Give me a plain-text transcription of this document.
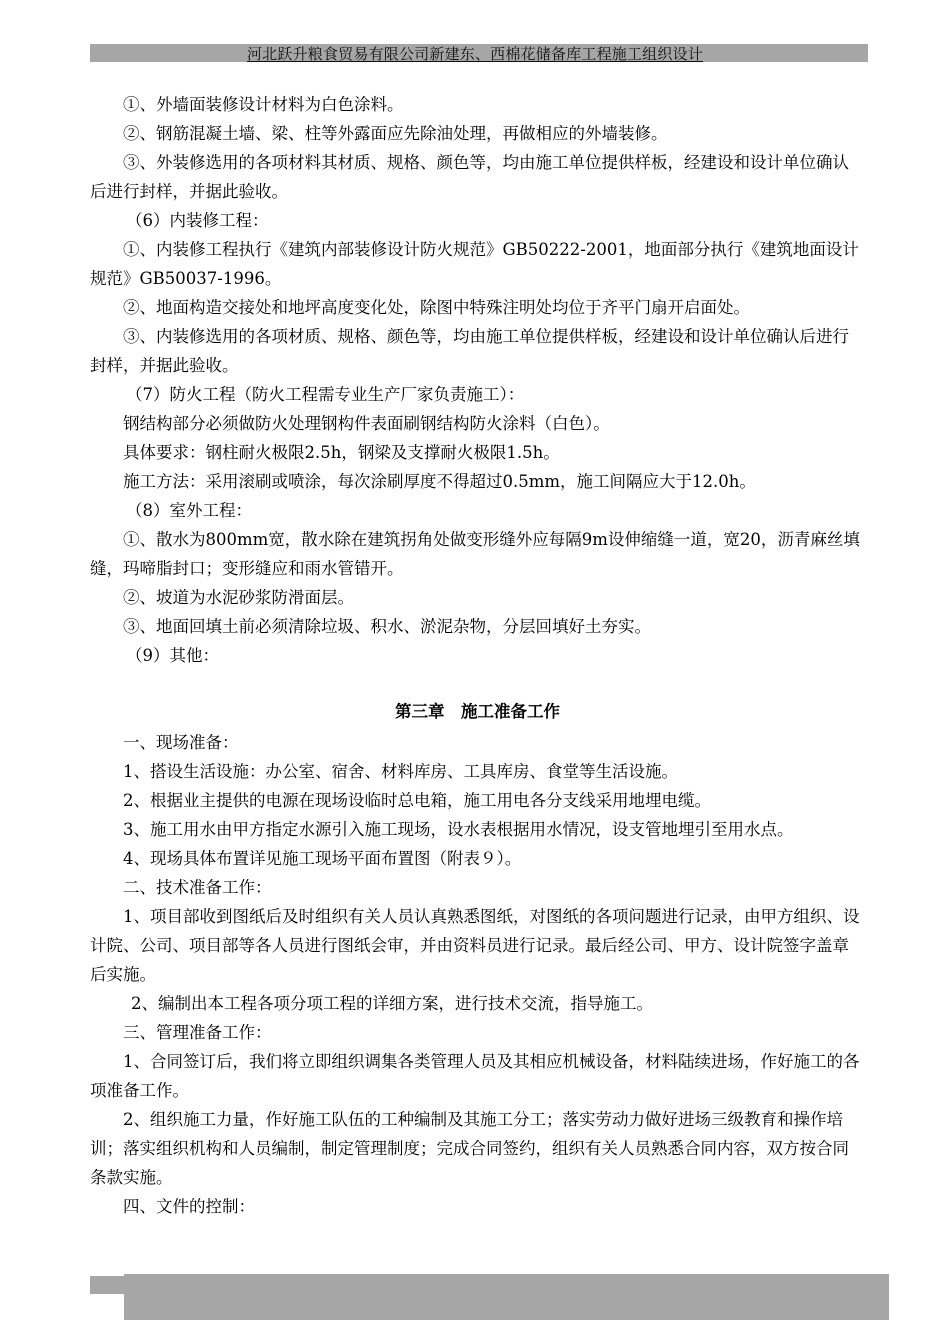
河北跃升粮食贸易有限公司新建东、西棉花储备库工程施工组织设计

①、外墙面装修设计材料为白色涂料。

②、钢筋混凝土墙、梁、柱等外露面应先除油处理，再做相应的外墙装修。

③、外装修选用的各项材料其材质、规格、颜色等，均由施工单位提供样板，经建设和设计单位确认后进行封样，并据此验收。

（6）内装修工程：

①、内装修工程执行《建筑内部装修设计防火规范》GB50222-2001，地面部分执行《建筑地面设计规范》GB50037-1996。

②、地面构造交接处和地坪高度变化处，除图中特殊注明处均位于齐平门扇开启面处。

③、内装修选用的各项材质、规格、颜色等，均由施工单位提供样板，经建设和设计单位确认后进行封样，并据此验收。

（7）防火工程（防火工程需专业生产厂家负责施工）：

钢结构部分必须做防火处理钢构件表面刷钢结构防火涂料（白色）。

具体要求：钢柱耐火极限2.5h，钢梁及支撑耐火极限1.5h。

施工方法：采用滚刷或喷涂，每次涂刷厚度不得超过0.5mm，施工间隔应大于12.0h。

（8）室外工程：

①、散水为800mm宽，散水除在建筑拐角处做变形缝外应每隔9m设伸缩缝一道，宽20，沥青麻丝填缝，玛啼脂封口；变形缝应和雨水管错开。

②、坡道为水泥砂浆防滑面层。

③、地面回填土前必须清除垃圾、积水、淤泥杂物，分层回填好土夯实。

（9）其他：

第三章　施工准备工作

一、现场准备：

1、搭设生活设施：办公室、宿舍、材料库房、工具库房、食堂等生活设施。

2、根据业主提供的电源在现场设临时总电箱，施工用电各分支线采用地埋电缆。

3、施工用水由甲方指定水源引入施工现场，设水表根据用水情况，设支管地埋引至用水点。

4、现场具体布置详见施工现场平面布置图（附表９）。

二、技术准备工作：

1、项目部收到图纸后及时组织有关人员认真熟悉图纸，对图纸的各项问题进行记录，由甲方组织、设计院、公司、项目部等各人员进行图纸会审，并由资料员进行记录。最后经公司、甲方、设计院签字盖章后实施。

2、编制出本工程各项分项工程的详细方案，进行技术交流，指导施工。

三、管理准备工作：

1、合同签订后，我们将立即组织调集各类管理人员及其相应机械设备，材料陆续进场，作好施工的各项准备工作。

2、组织施工力量，作好施工队伍的工种编制及其施工分工；落实劳动力做好进场三级教育和操作培训；落实组织机构和人员编制，制定管理制度；完成合同签约，组织有关人员熟悉合同内容，双方按合同条款实施。

四、文件的控制：
